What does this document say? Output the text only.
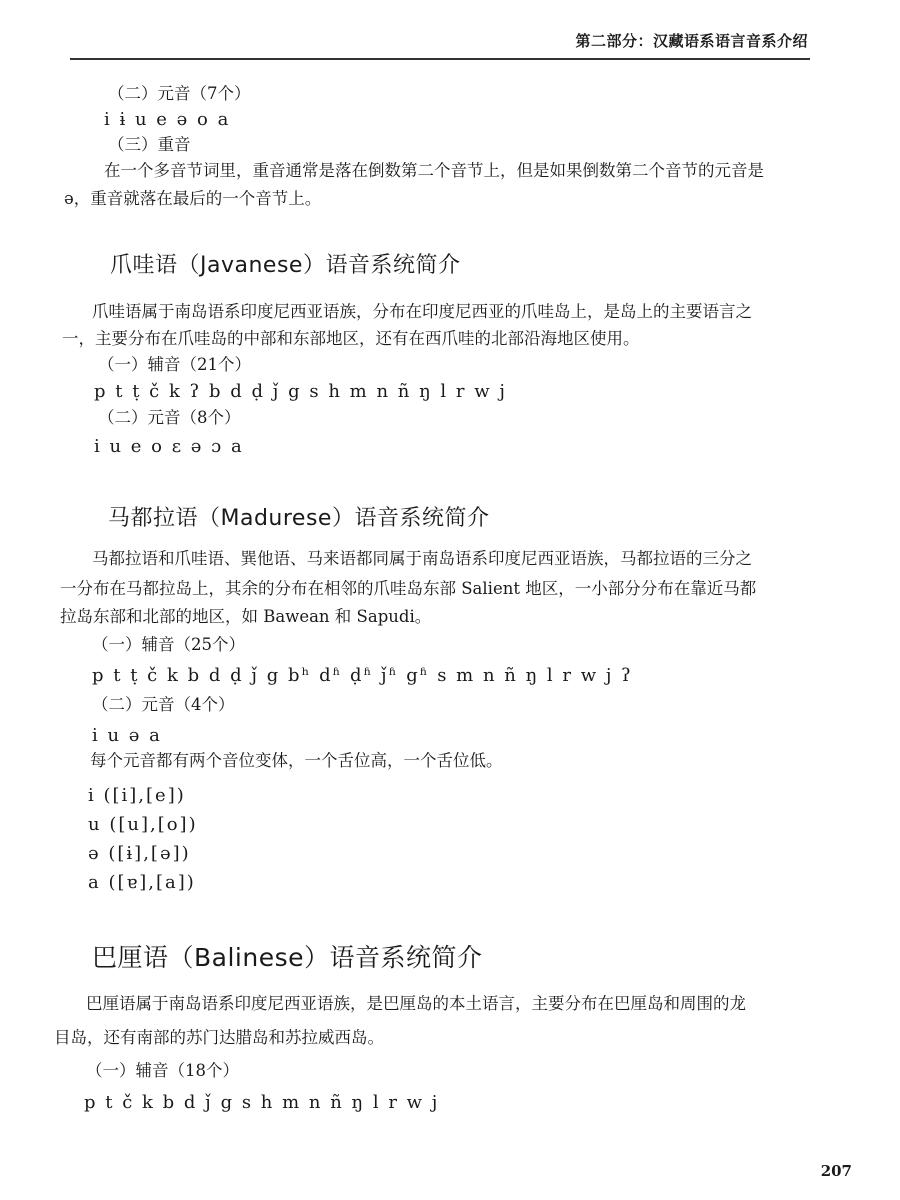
第二部分：汉藏语系语言音系介绍
（二）元音（7个）
i ɨ u e ə o a
（三）重音
在一个多音节词里，重音通常是落在倒数第二个音节上，但是如果倒数第二个音节的元音是
ə，重音就落在最后的一个音节上。
爪哇语（Javanese）语音系统简介
爪哇语属于南岛语系印度尼西亚语族，分布在印度尼西亚的爪哇岛上，是岛上的主要语言之
一，主要分布在爪哇岛的中部和东部地区，还有在西爪哇的北部沿海地区使用。
（一）辅音（21个）
p t ṭ č k ʔ b d ḍ ǰ g s h m n ñ ŋ l r w j
（二）元音（8个）
i u e o ɛ ə ɔ a
马都拉语（Madurese）语音系统简介
马都拉语和爪哇语、巽他语、马来语都同属于南岛语系印度尼西亚语族，马都拉语的三分之
一分布在马都拉岛上，其余的分布在相邻的爪哇岛东部 Salient 地区，一小部分分布在靠近马都
拉岛东部和北部的地区，如 Bawean 和 Sapudi。
（一）辅音（25个）
p t ṭ č k b d ḍ ǰ g bʰ dʱ ḍʱ ǰʱ gʱ s m n ñ ŋ l r w j ʔ
（二）元音（4个）
i u ə a
每个元音都有两个音位变体，一个舌位高，一个舌位低。
i ([i],[e])
u ([u],[o])
ə ([ɨ],[ə])
a ([ɐ],[a])
巴厘语（Balinese）语音系统简介
巴厘语属于南岛语系印度尼西亚语族，是巴厘岛的本土语言，主要分布在巴厘岛和周围的龙
目岛，还有南部的苏门达腊岛和苏拉威西岛。
（一）辅音（18个）
p t č k b d ǰ g s h m n ñ ŋ l r w j
207
